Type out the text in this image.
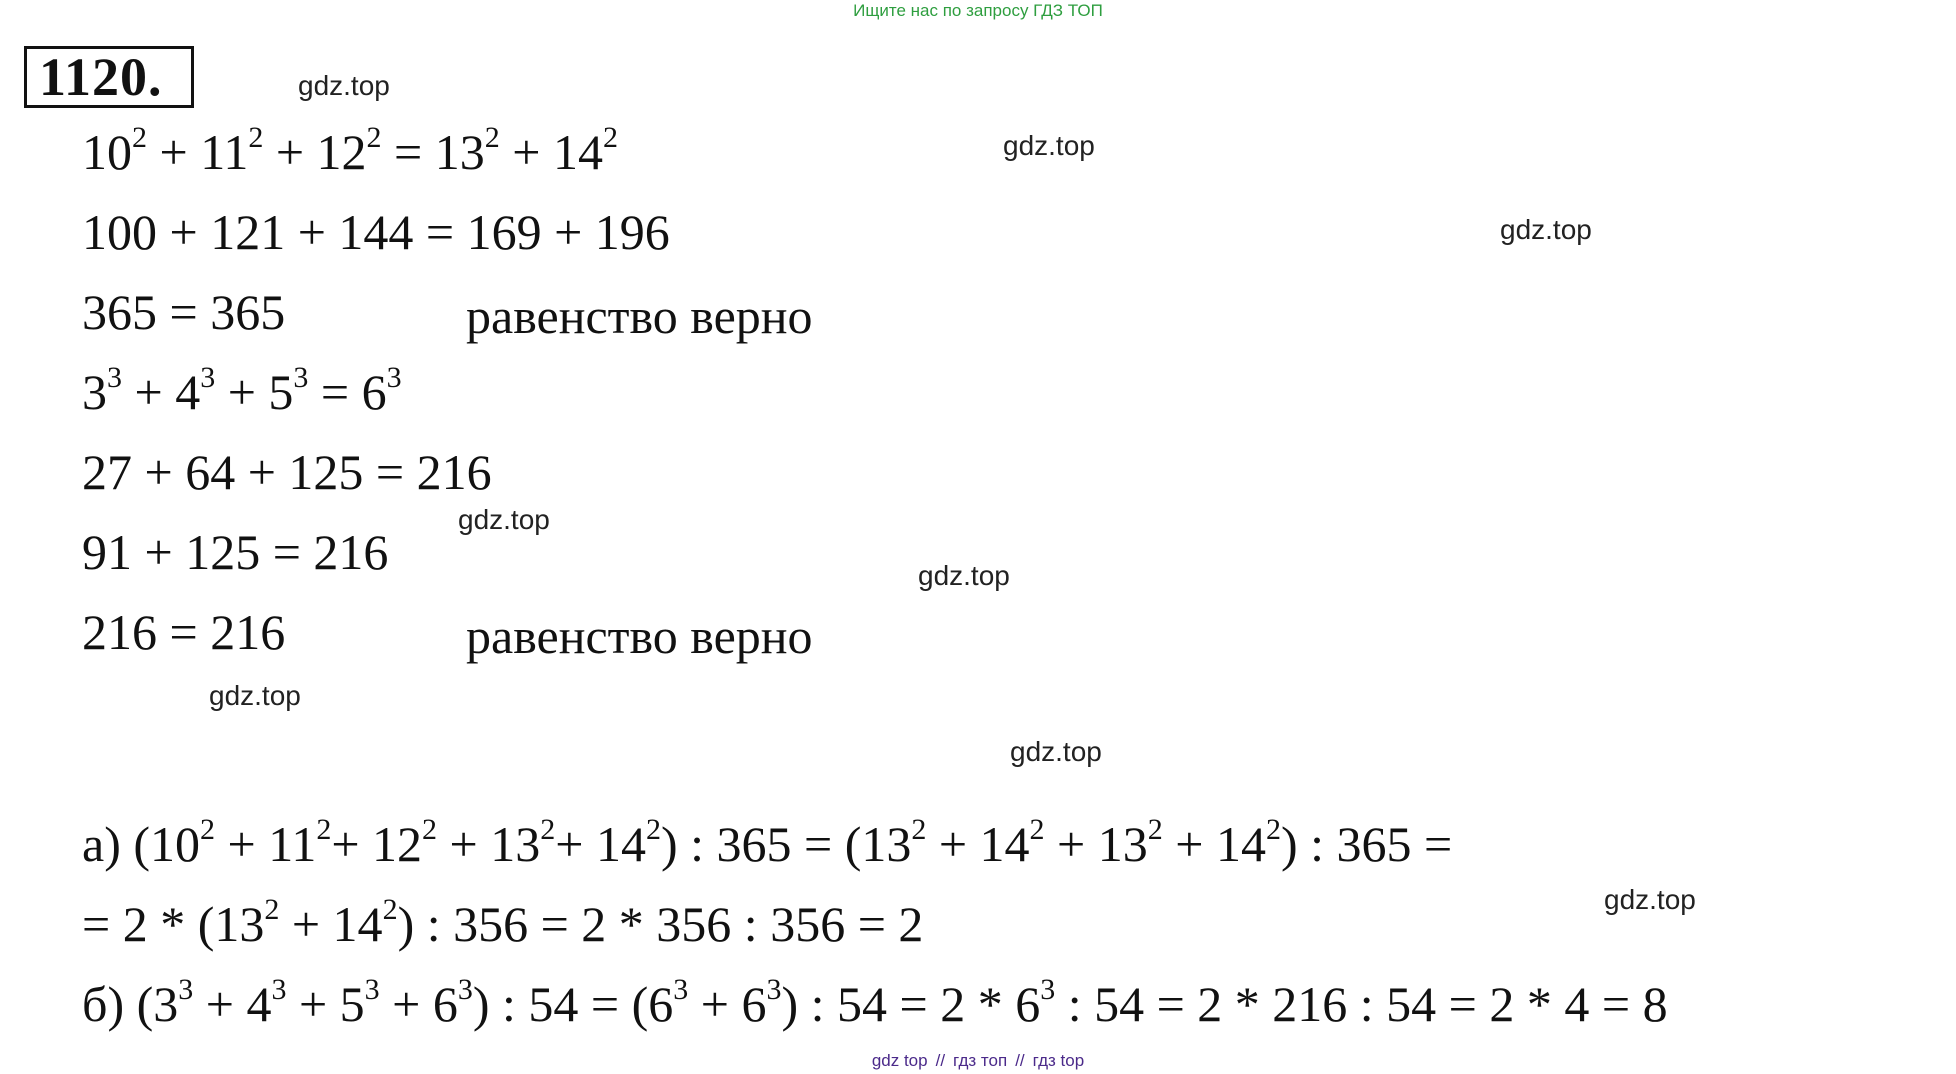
Ищите нас по запросу ГДЗ ТОП
1120.
$10^2 + 11^2 + 12^2 = 13^2 + 14^2$
100 + 121 + 144 = 169 + 196
365 = 365	равенство верно
$3^3 + 4^3 + 5^3 = 6^3$
27 + 64 + 125 = 216
91 + 125 = 216
216 = 216	равенство верно
а) $(10^2 + 11^2+ 12^2 + 13^2+ 14^2)$ : $365 = (13^2 + 14^2 + 13^2 + 14^2)$ : 365 =
= $2 * (13^2 + 14^2)$ : 356 = 2 * 356 : 356 = 2
б) $(3^3 + 4^3 + 5^3 + 6^3)$ : $54 = (6^3 + 6^3)$ : $54 = 2 * 6^3$ : 54 = 2 * 216 : 54 = 2 * 4 = 8
gdz.top
gdz.top
gdz.top
gdz.top
gdz.top
gdz.top
gdz.top
gdz.top
gdz top // гдз топ // гдз top
